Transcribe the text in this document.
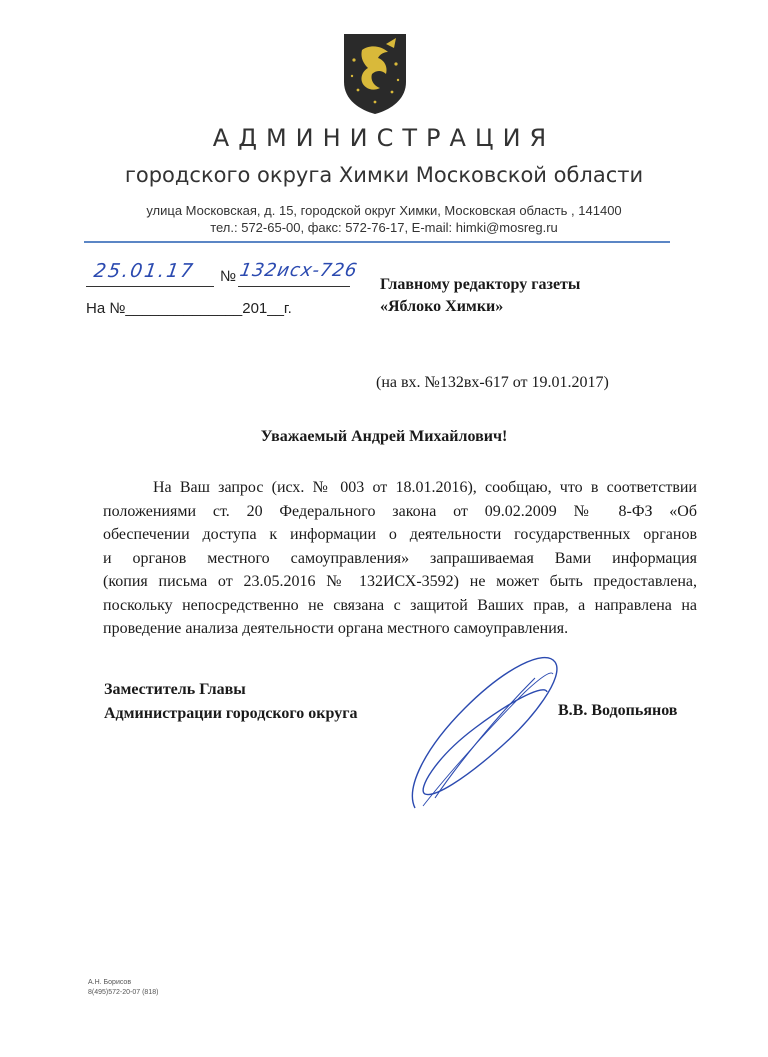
АДМИНИСТРАЦИЯ
городского округа Химки Московской области
улица Московская, д. 15, городской округ Химки, Московская область , 141400
тел.: 572-65-00, факс: 572-76-17, E-mail: himki@mosreg.ru
25.01.17 № 132исх-726
На №______________201__г.
Главному редактору газеты
«Яблоко Химки»
(на вх. №132вх-617 от 19.01.2017)
Уважаемый Андрей Михайлович!
На Ваш запрос (исх. № 003 от 18.01.2016), сообщаю, что в соответствии
положениями ст. 20 Федерального закона от 09.02.2009 № 8-ФЗ «Об
обеспечении доступа к информации о деятельности государственных органов
и органов местного самоуправления» запрашиваемая Вами информация
(копия письма от 23.05.2016 № 132ИСХ-3592) не может быть предоставлена,
поскольку непосредственно не связана с защитой Ваших прав, а направлена на
проведение анализа деятельности органа местного самоуправления.
Заместитель Главы
Администрации городского округа	В.В. Водопьянов
А.Н. Борисов
8(495)572-20-07 (818)
